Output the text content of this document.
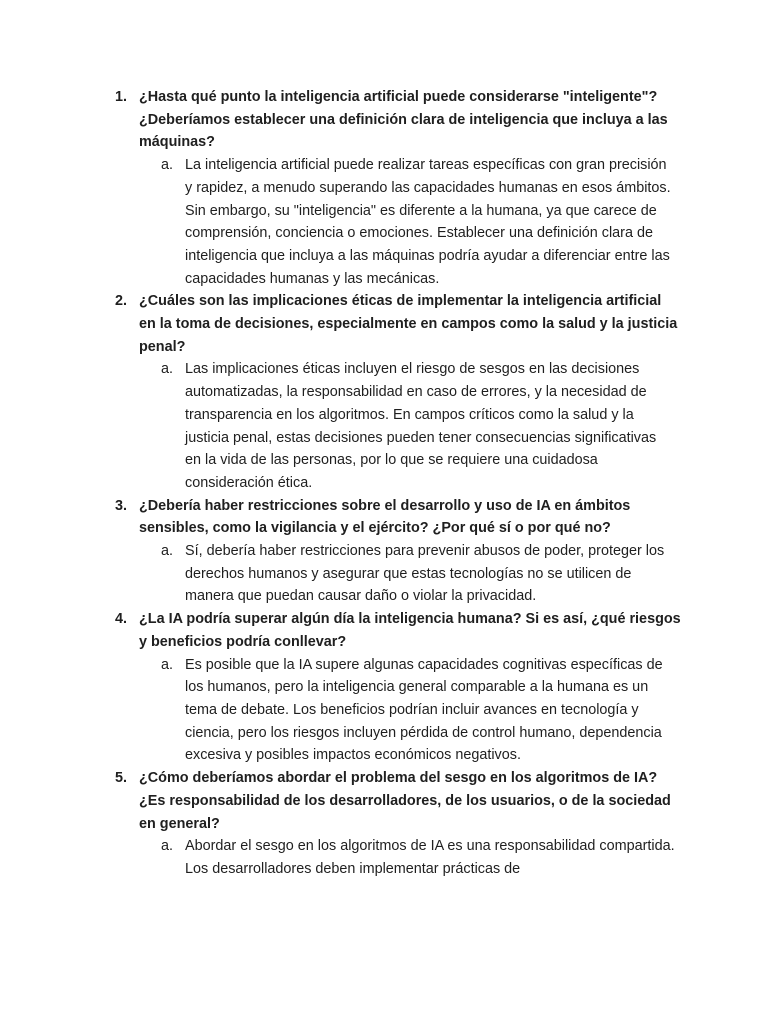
1. ¿Hasta qué punto la inteligencia artificial puede considerarse "inteligente"? ¿Deberíamos establecer una definición clara de inteligencia que incluya a las máquinas?
a. La inteligencia artificial puede realizar tareas específicas con gran precisión y rapidez, a menudo superando las capacidades humanas en esos ámbitos. Sin embargo, su "inteligencia" es diferente a la humana, ya que carece de comprensión, conciencia o emociones. Establecer una definición clara de inteligencia que incluya a las máquinas podría ayudar a diferenciar entre las capacidades humanas y las mecánicas.
2. ¿Cuáles son las implicaciones éticas de implementar la inteligencia artificial en la toma de decisiones, especialmente en campos como la salud y la justicia penal?
a. Las implicaciones éticas incluyen el riesgo de sesgos en las decisiones automatizadas, la responsabilidad en caso de errores, y la necesidad de transparencia en los algoritmos. En campos críticos como la salud y la justicia penal, estas decisiones pueden tener consecuencias significativas en la vida de las personas, por lo que se requiere una cuidadosa consideración ética.
3. ¿Debería haber restricciones sobre el desarrollo y uso de IA en ámbitos sensibles, como la vigilancia y el ejército? ¿Por qué sí o por qué no?
a. Sí, debería haber restricciones para prevenir abusos de poder, proteger los derechos humanos y asegurar que estas tecnologías no se utilicen de manera que puedan causar daño o violar la privacidad.
4. ¿La IA podría superar algún día la inteligencia humana? Si es así, ¿qué riesgos y beneficios podría conllevar?
a. Es posible que la IA supere algunas capacidades cognitivas específicas de los humanos, pero la inteligencia general comparable a la humana es un tema de debate. Los beneficios podrían incluir avances en tecnología y ciencia, pero los riesgos incluyen pérdida de control humano, dependencia excesiva y posibles impactos económicos negativos.
5. ¿Cómo deberíamos abordar el problema del sesgo en los algoritmos de IA? ¿Es responsabilidad de los desarrolladores, de los usuarios, o de la sociedad en general?
a. Abordar el sesgo en los algoritmos de IA es una responsabilidad compartida. Los desarrolladores deben implementar prácticas de
